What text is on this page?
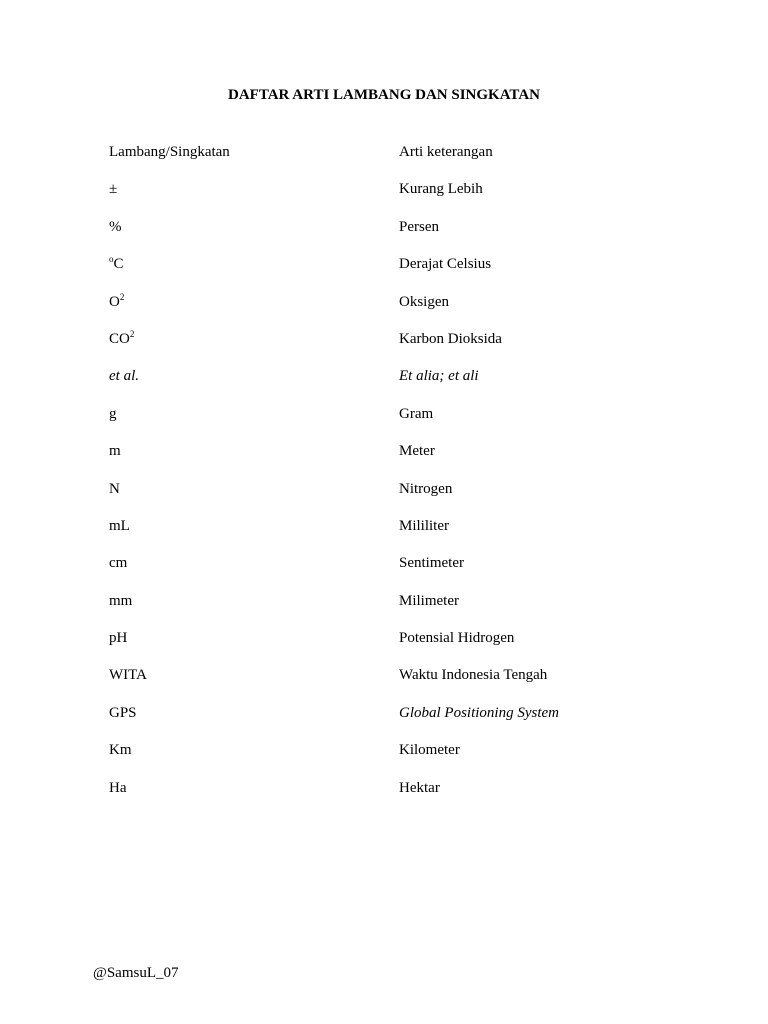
DAFTAR ARTI LAMBANG DAN SINGKATAN
Lambang/Singkatan	Arti keterangan
±	Kurang Lebih
%	Persen
$^o$C	Derajat Celsius
$O^2$	Oksigen
$CO^2$	Karbon Dioksida
et al.	Et alia; et ali
g	Gram
m	Meter
N	Nitrogen
mL	Mililiter
cm	Sentimeter
mm	Milimeter
pH	Potensial Hidrogen
WITA	Waktu Indonesia Tengah
GPS	Global Positioning System
Km	Kilometer
Ha	Hektar
@SamsuL_07
